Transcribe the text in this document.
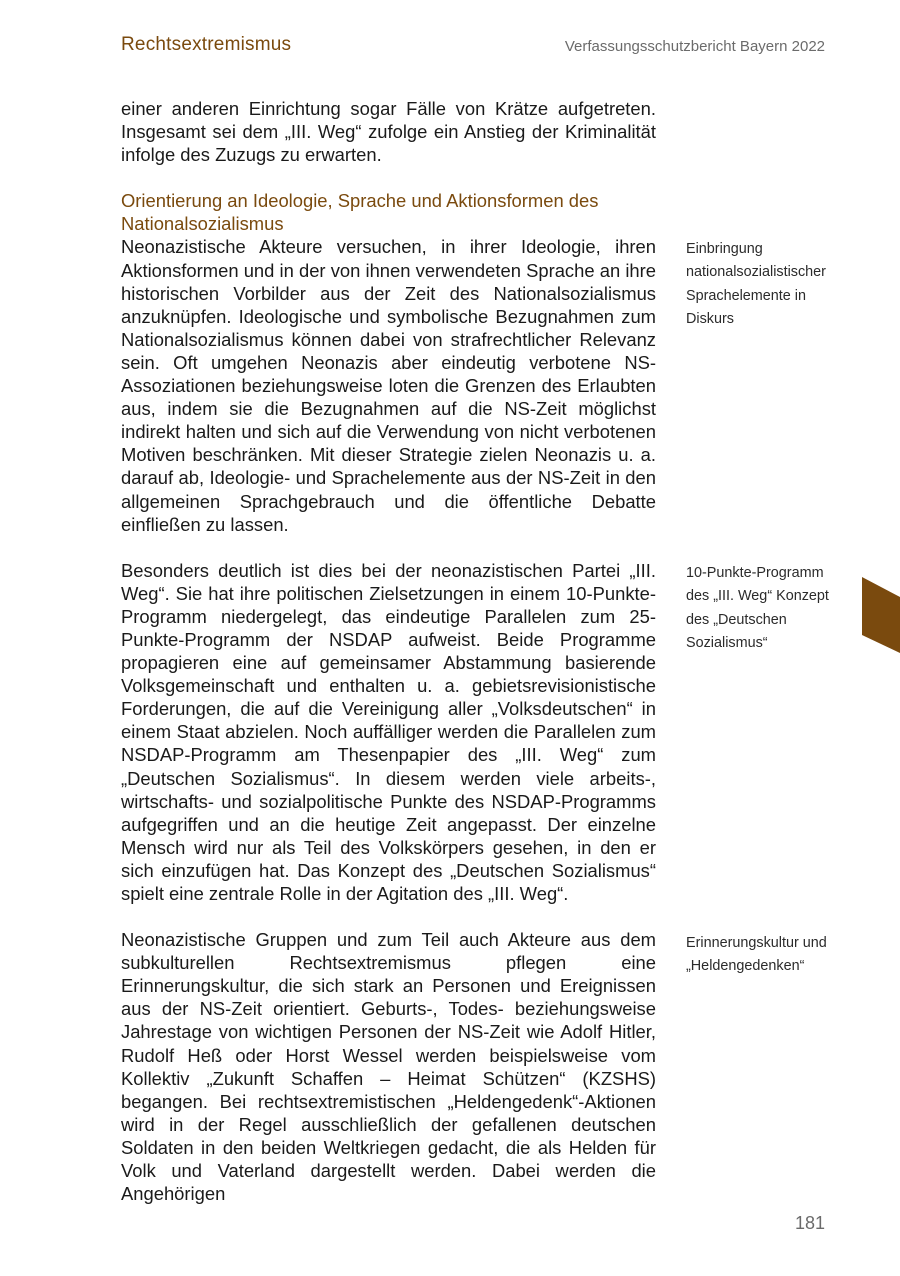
Rechtsextremismus	Verfassungsschutzbericht Bayern 2022

einer anderen Einrichtung sogar Fälle von Krätze aufgetreten. Insgesamt sei dem „III. Weg“ zufolge ein Anstieg der Kriminalität infolge des Zuzugs zu erwarten.

Orientierung an Ideologie, Sprache und Aktionsformen des Nationalsozialismus

Neonazistische Akteure versuchen, in ihrer Ideologie, ihren Aktionsformen und in der von ihnen verwendeten Sprache an ihre historischen Vorbilder aus der Zeit des Nationalsozialismus anzuknüpfen. Ideologische und symbolische Bezugnahmen zum Nationalsozialismus können dabei von strafrechtlicher Relevanz sein. Oft umgehen Neonazis aber eindeutig verbotene NS-Assoziationen beziehungsweise loten die Grenzen des Erlaubten aus, indem sie die Bezugnahmen auf die NS-Zeit möglichst indirekt halten und sich auf die Verwendung von nicht verbotenen Motiven beschränken. Mit dieser Strategie zielen Neonazis u. a. darauf ab, Ideologie- und Sprachelemente aus der NS-Zeit in den allgemeinen Sprachgebrauch und die öffentliche Debatte einfließen zu lassen.

Besonders deutlich ist dies bei der neonazistischen Partei „III. Weg“. Sie hat ihre politischen Zielsetzungen in einem 10-Punkte-Programm niedergelegt, das eindeutige Parallelen zum 25-Punkte-Programm der NSDAP aufweist. Beide Programme propagieren eine auf gemeinsamer Abstammung basierende Volksgemeinschaft und enthalten u. a. gebietsrevisionistische Forderungen, die auf die Vereinigung aller „Volksdeutschen“ in einem Staat abzielen. Noch auffälliger werden die Parallelen zum NSDAP-Programm am Thesenpapier des „III. Weg“ zum „Deutschen Sozialismus“. In diesem werden viele arbeits-, wirtschafts- und sozialpolitische Punkte des NSDAP-Programms aufgegriffen und an die heutige Zeit angepasst. Der einzelne Mensch wird nur als Teil des Volkskörpers gesehen, in den er sich einzufügen hat. Das Konzept des „Deutschen Sozialismus“ spielt eine zentrale Rolle in der Agitation des „III. Weg“.

Neonazistische Gruppen und zum Teil auch Akteure aus dem subkulturellen Rechtsextremismus pflegen eine Erinnerungskultur, die sich stark an Personen und Ereignissen aus der NS-Zeit orientiert. Geburts-, Todes- beziehungsweise Jahrestage von wichtigen Personen der NS-Zeit wie Adolf Hitler, Rudolf Heß oder Horst Wessel werden beispielsweise vom Kollektiv „Zukunft Schaffen – Heimat Schützen“ (KZSHS) begangen. Bei rechtsextremistischen „Heldengedenk“-Aktionen wird in der Regel ausschließlich der gefallenen deutschen Soldaten in den beiden Weltkriegen gedacht, die als Helden für Volk und Vaterland dargestellt werden. Dabei werden die Angehörigen

Einbringung nationalsozialistischer Sprachelemente in Diskurs
10-Punkte-Programm des „III. Weg“ Konzept des „Deutschen Sozialismus“
Erinnerungskultur und „Heldengedenken“
181
